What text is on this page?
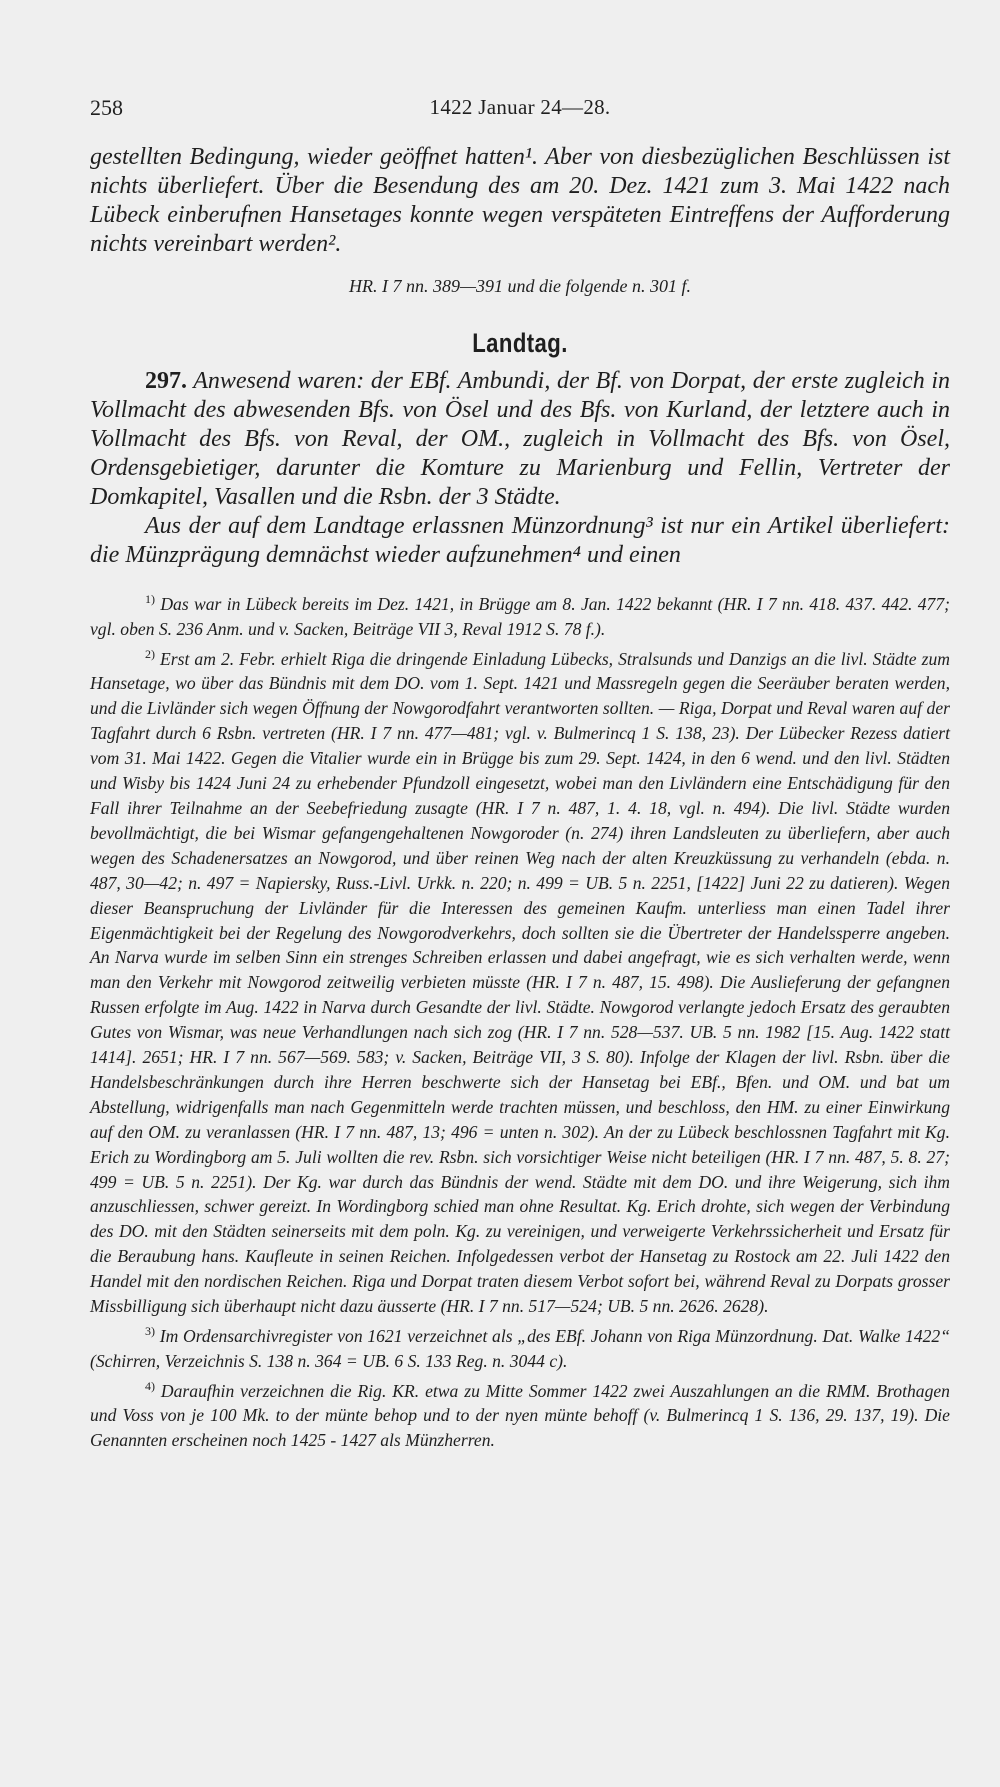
258	1422 Januar 24—28.

gestellten Bedingung, wieder geöffnet hatten¹. Aber von diesbezüglichen Beschlüssen ist nichts überliefert. Über die Besendung des am 20. Dez. 1421 zum 3. Mai 1422 nach Lübeck einberufnen Hansetages konnte wegen verspäteten Eintreffens der Aufforderung nichts vereinbart werden².

HR. I 7 nn. 389—391 und die folgende n. 301 f.
Landtag.

297. Anwesend waren: der EBf. Ambundi, der Bf. von Dorpat, der erste zugleich in Vollmacht des abwesenden Bfs. von Ösel und des Bfs. von Kurland, der letztere auch in Vollmacht des Bfs. von Reval, der OM., zugleich in Vollmacht des Bfs. von Ösel, Ordensgebietiger, darunter die Komture zu Marienburg und Fellin, Vertreter der Domkapitel, Vasallen und die Rsbn. der 3 Städte.
Aus der auf dem Landtage erlassnen Münzordnung³ ist nur ein Artikel überliefert: die Münzprägung demnächst wieder aufzunehmen⁴ und einen

$^{1)}$ Das war in Lübeck bereits im Dez. 1421, in Brügge am 8. Jan. 1422 bekannt (HR. I 7 nn. 418. 437. 442. 477; vgl. oben S. 236 Anm. und v. Sacken, Beiträge VII 3, Reval 1912 S. 78 f.).

$^{2)}$ Erst am 2. Febr. erhielt Riga die dringende Einladung Lübecks, Stralsunds und Danzigs an die livl. Städte zum Hansetage, wo über das Bündnis mit dem DO. vom 1. Sept. 1421 und Massregeln gegen die Seeräuber beraten werden, und die Livländer sich wegen Öffnung der Nowgorodfahrt verantworten sollten. — Riga, Dorpat und Reval waren auf der Tagfahrt durch 6 Rsbn. vertreten (HR. I 7 nn. 477—481; vgl. v. Bulmerincq 1 S. 138, 23). Der Lübecker Rezess datiert vom 31. Mai 1422. Gegen die Vitalier wurde ein in Brügge bis zum 29. Sept. 1424, in den 6 wend. und den livl. Städten und Wisby bis 1424 Juni 24 zu erhebender Pfundzoll eingesetzt, wobei man den Livländern eine Entschädigung für den Fall ihrer Teilnahme an der Seebefriedung zusagte (HR. I 7 n. 487, 1. 4. 18, vgl. n. 494). Die livl. Städte wurden bevollmächtigt, die bei Wismar gefangengehaltenen Nowgoroder (n. 274) ihren Landsleuten zu überliefern, aber auch wegen des Schadenersatzes an Nowgorod, und über reinen Weg nach der alten Kreuzküssung zu verhandeln (ebda. n. 487, 30—42; n. 497 = Napiersky, Russ.-Livl. Urkk. n. 220; n. 499 = UB. 5 n. 2251, [1422] Juni 22 zu datieren). Wegen dieser Beanspruchung der Livländer für die Interessen des gemeinen Kaufm. unterliess man einen Tadel ihrer Eigenmächtigkeit bei der Regelung des Nowgorodverkehrs, doch sollten sie die Übertreter der Handelssperre angeben. An Narva wurde im selben Sinn ein strenges Schreiben erlassen und dabei angefragt, wie es sich verhalten werde, wenn man den Verkehr mit Nowgorod zeitweilig verbieten müsste (HR. I 7 n. 487, 15. 498). Die Auslieferung der gefangnen Russen erfolgte im Aug. 1422 in Narva durch Gesandte der livl. Städte. Nowgorod verlangte jedoch Ersatz des geraubten Gutes von Wismar, was neue Verhandlungen nach sich zog (HR. I 7 nn. 528—537. UB. 5 nn. 1982 [15. Aug. 1422 statt 1414]. 2651; HR. I 7 nn. 567—569. 583; v. Sacken, Beiträge VII, 3 S. 80). Infolge der Klagen der livl. Rsbn. über die Handelsbeschränkungen durch ihre Herren beschwerte sich der Hansetag bei EBf., Bfen. und OM. und bat um Abstellung, widrigenfalls man nach Gegenmitteln werde trachten müssen, und beschloss, den HM. zu einer Einwirkung auf den OM. zu veranlassen (HR. I 7 nn. 487, 13; 496 = unten n. 302). An der zu Lübeck beschlossnen Tagfahrt mit Kg. Erich zu Wordingborg am 5. Juli wollten die rev. Rsbn. sich vorsichtiger Weise nicht beteiligen (HR. I 7 nn. 487, 5. 8. 27; 499 = UB. 5 n. 2251). Der Kg. war durch das Bündnis der wend. Städte mit dem DO. und ihre Weigerung, sich ihm anzuschliessen, schwer gereizt. In Wordingborg schied man ohne Resultat. Kg. Erich drohte, sich wegen der Verbindung des DO. mit den Städten seinerseits mit dem poln. Kg. zu vereinigen, und verweigerte Verkehrssicherheit und Ersatz für die Beraubung hans. Kaufleute in seinen Reichen. Infolgedessen verbot der Hansetag zu Rostock am 22. Juli 1422 den Handel mit den nordischen Reichen. Riga und Dorpat traten diesem Verbot sofort bei, während Reval zu Dorpats grosser Missbilligung sich überhaupt nicht dazu äusserte (HR. I 7 nn. 517—524; UB. 5 nn. 2626. 2628).

$^{3)}$ Im Ordensarchivregister von 1621 verzeichnet als „des EBf. Johann von Riga Münzordnung. Dat. Walke 1422“ (Schirren, Verzeichnis S. 138 n. 364 = UB. 6 S. 133 Reg. n. 3044 c).

$^{4)}$ Daraufhin verzeichnen die Rig. KR. etwa zu Mitte Sommer 1422 zwei Auszahlungen an die RMM. Brothagen und Voss von je 100 Mk. to der münte behop und to der nyen münte behoff (v. Bulmerincq 1 S. 136, 29. 137, 19). Die Genannten erscheinen noch 1425 - 1427 als Münzherren.
